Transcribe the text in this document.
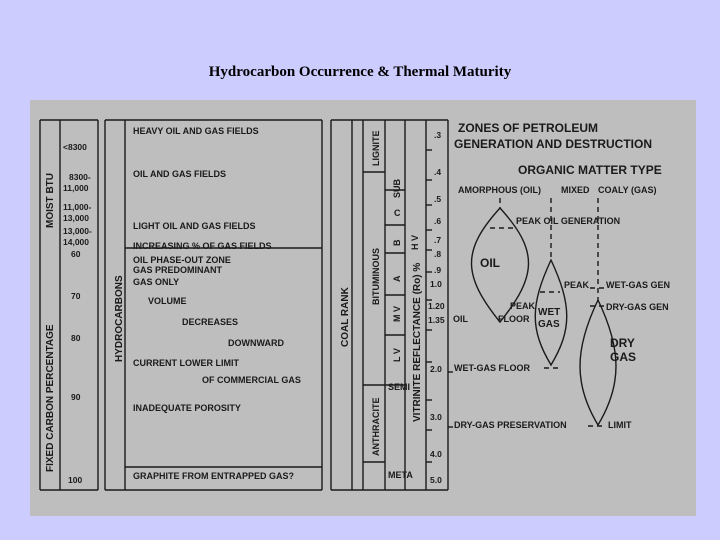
Hydrocarbon Occurrence & Thermal Maturity
MOIST BTU
FIXED CARBON PERCENTAGE
<8300
8300-
11,000
11,000-
13,000
13,000-
14,000
60
70
80
90
100
HYDROCARBONS
HEAVY OIL AND GAS FIELDS
OIL AND GAS FIELDS
LIGHT OIL AND GAS FIELDS
INCREASING % OF GAS FIELDS
OIL PHASE-OUT ZONE
GAS PREDOMINANT
GAS ONLY
VOLUME
DECREASES
DOWNWARD
CURRENT LOWER LIMIT
OF COMMERCIAL GAS
INADEQUATE POROSITY
GRAPHITE FROM ENTRAPPED GAS?
COAL RANK
LIGNITE
BITUMINOUS
ANTHRACITE
SUB
H V
M V
L V
C
B
A
SEMI
META
VITRINITE REFLECTANCE (Ro) %
.3
.4
.5
.6
.7
.8
.9
1.0
1.20
1.35
2.0
3.0
4.0
5.0
ZONES OF PETROLEUM
GENERATION AND DESTRUCTION
ORGANIC MATTER TYPE
AMORPHOUS (OIL) MIXED COALY (GAS)
OIL
WET
GAS
DRY
GAS
PEAK OIL GENERATION
PEAK WET-GAS GEN
PEAK	DRY-GAS GEN
OIL	FLOOR
WET-GAS FLOOR
DRY-GAS PRESERVATION	LIMIT
